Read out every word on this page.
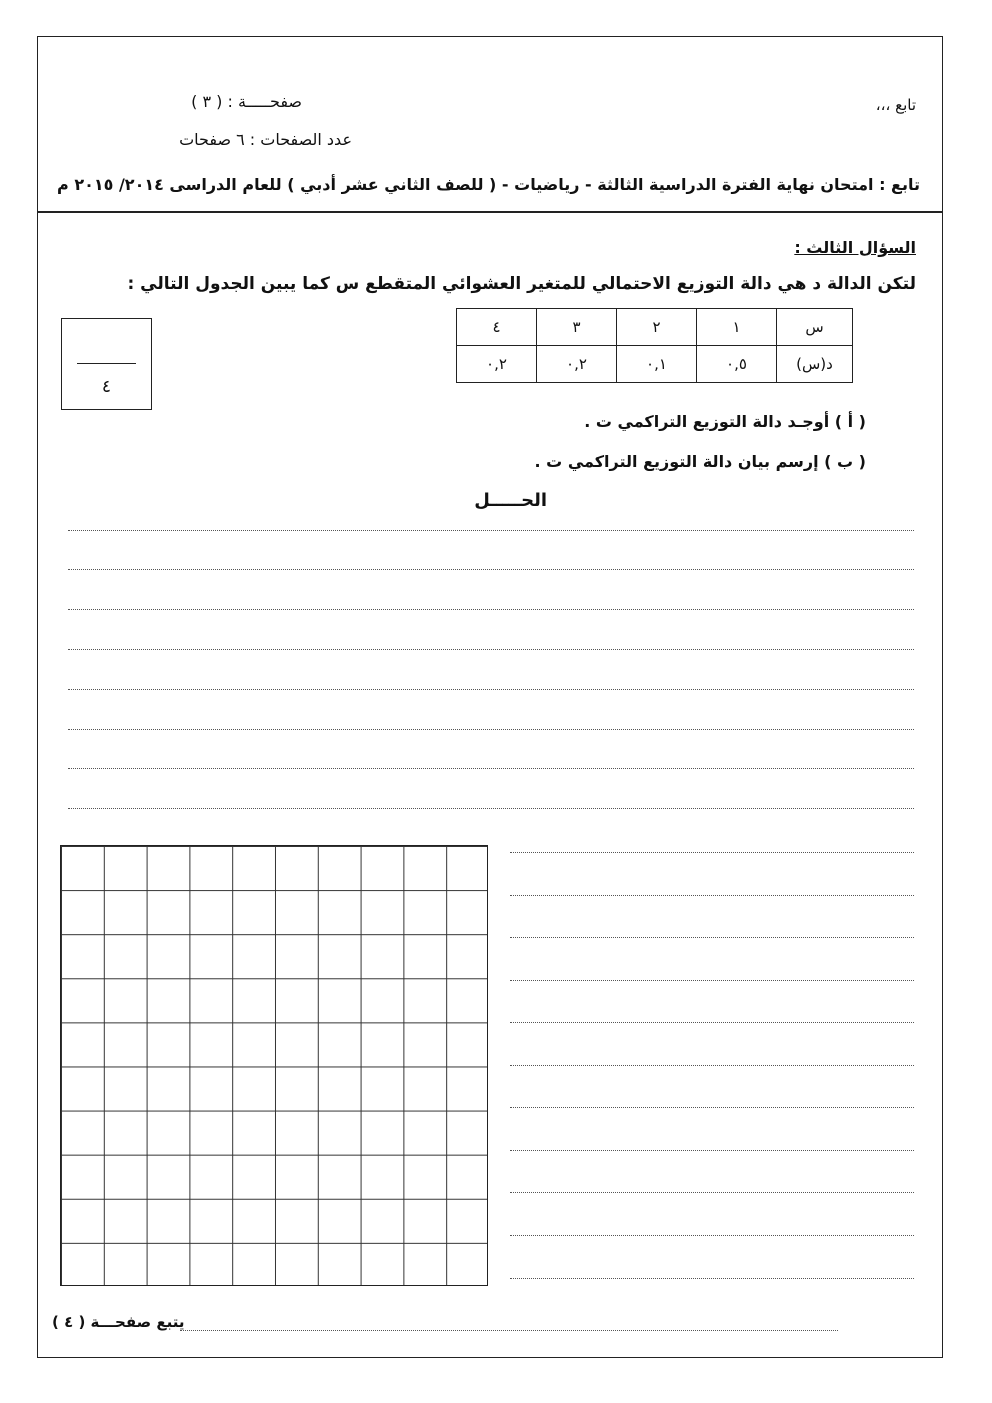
تابع ،،،
صفحـــــة : ( ٣ )
عدد الصفحات : ٦ صفحات
تابع : امتحان نهاية الفترة الدراسية الثالثة - رياضيات - ( للصف الثاني عشر أدبي ) للعام الدراسى ٢٠١٤/ ٢٠١٥ م
السؤال الثالث :
لتكن الدالة د هي دالة التوزيع الاحتمالي للمتغير العشوائي المتقطع س كما يبين الجدول التالي :
س	١	٢	٣	٤
د(س)	٠,٥	٠,١	٠,٢	٠,٢
٤
( أ ) أوجـد دالة التوزيع التراكمي ت .
( ب ) إرسم بيان دالة التوزيع التراكمي ت .
الحـــــل
يتبع صفحـــة ( ٤ )
